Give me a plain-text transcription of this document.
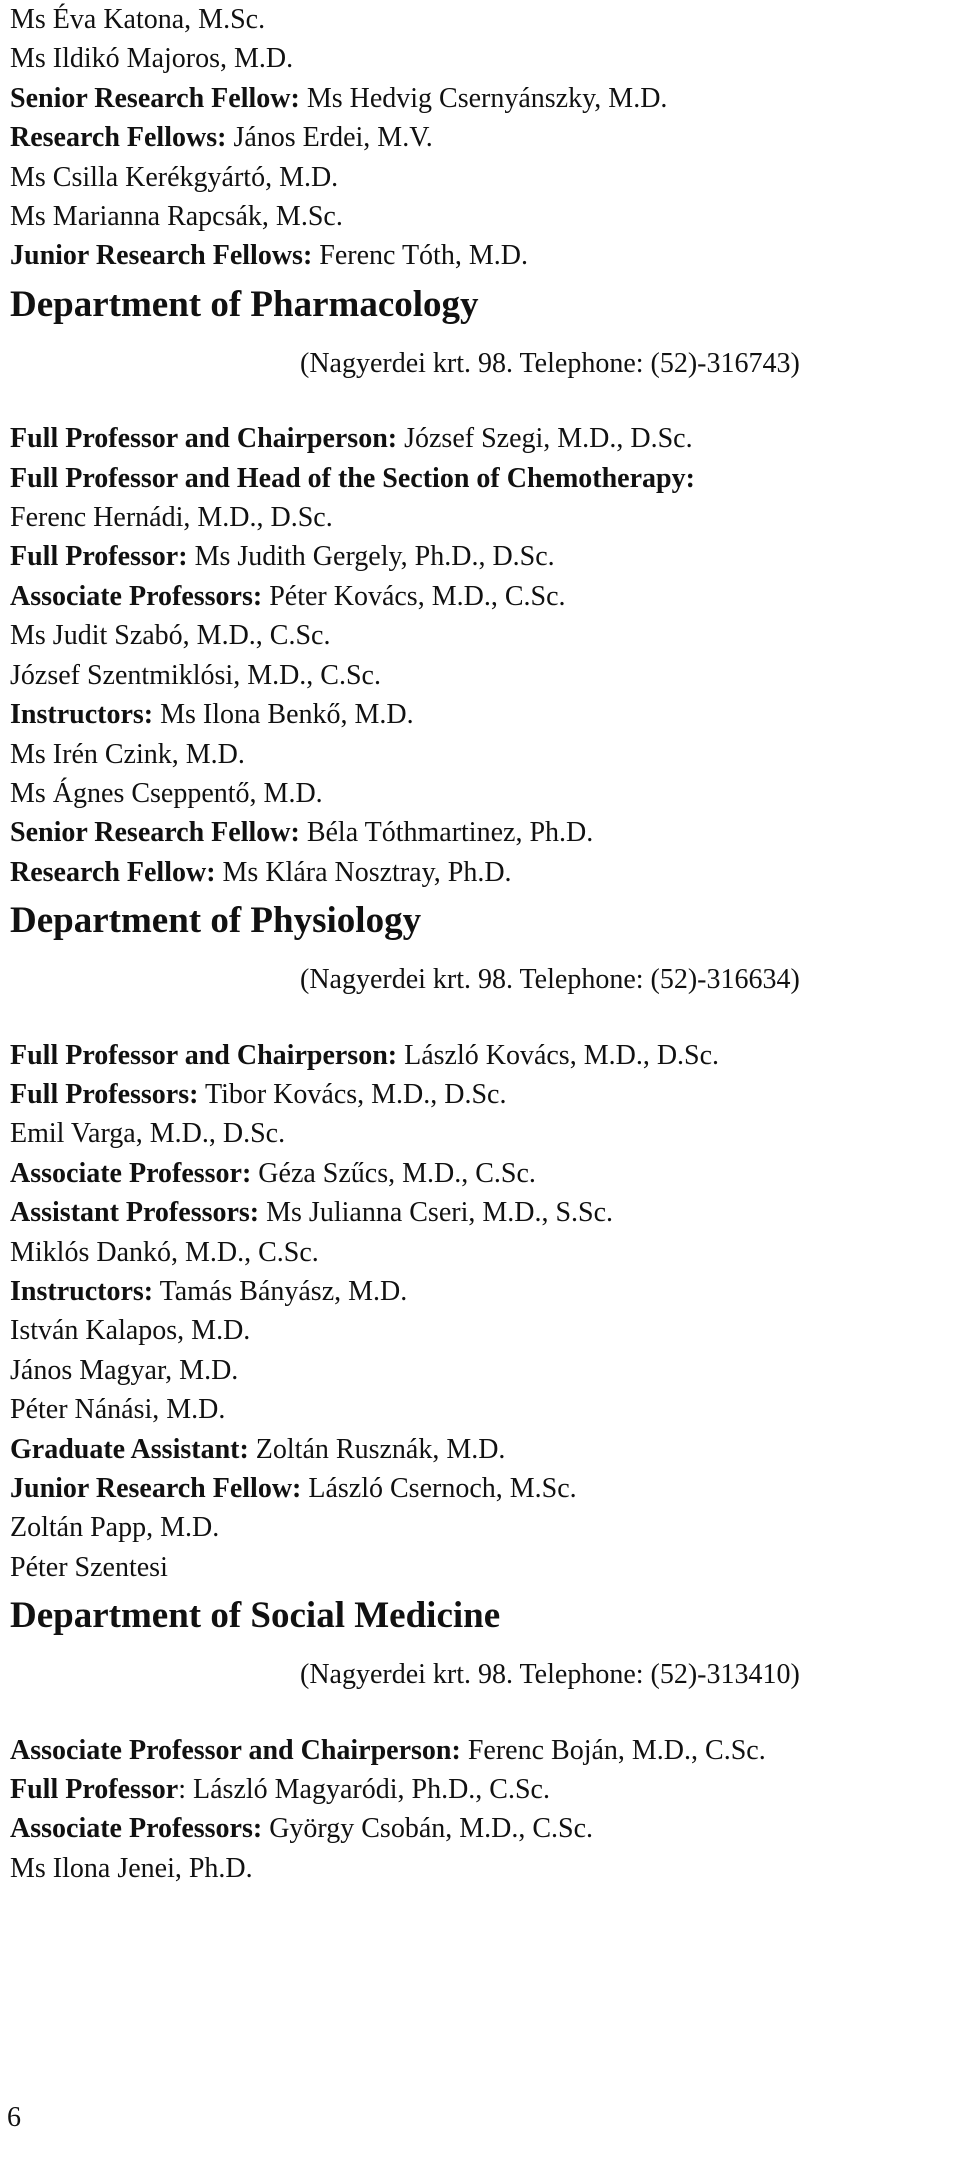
Ms Éva Katona, M.Sc.
Ms Ildikó Majoros, M.D.
Senior Research Fellow: Ms Hedvig Csernyánszky, M.D.
Research Fellows: János Erdei, M.V.
Ms Csilla Kerékgyártó, M.D.
Ms Marianna Rapcsák, M.Sc.
Junior Research Fellows: Ferenc Tóth, M.D.
Department of Pharmacology
(Nagyerdei krt. 98. Telephone: (52)-316743)
Full Professor and Chairperson: József Szegi, M.D., D.Sc.
Full Professor and Head of the Section of Chemotherapy:
Ferenc Hernádi, M.D., D.Sc.
Full Professor: Ms Judith Gergely, Ph.D., D.Sc.
Associate Professors: Péter Kovács, M.D., C.Sc.
Ms Judit Szabó, M.D., C.Sc.
József Szentmiklósi, M.D., C.Sc.
Instructors: Ms Ilona Benkő, M.D.
Ms Irén Czink, M.D.
Ms Ágnes Cseppentő, M.D.
Senior Research Fellow: Béla Tóthmartinez, Ph.D.
Research Fellow: Ms Klára Nosztray, Ph.D.
Department of Physiology
(Nagyerdei krt. 98. Telephone: (52)-316634)
Full Professor and Chairperson: László Kovács, M.D., D.Sc.
Full Professors: Tibor Kovács, M.D., D.Sc.
Emil Varga, M.D., D.Sc.
Associate Professor: Géza Szűcs, M.D., C.Sc.
Assistant Professors: Ms Julianna Cseri, M.D., S.Sc.
Miklós Dankó, M.D., C.Sc.
Instructors: Tamás Bányász, M.D.
István Kalapos, M.D.
János Magyar, M.D.
Péter Nánási, M.D.
Graduate Assistant: Zoltán Rusznák, M.D.
Junior Research Fellow: László Csernoch, M.Sc.
Zoltán Papp, M.D.
Péter Szentesi
Department of Social Medicine
(Nagyerdei krt. 98. Telephone: (52)-313410)
Associate Professor and Chairperson: Ferenc Boján, M.D., C.Sc.
Full Professor: László Magyaródi, Ph.D., C.Sc.
Associate Professors: György Csobán, M.D., C.Sc.
Ms Ilona Jenei, Ph.D.
6
